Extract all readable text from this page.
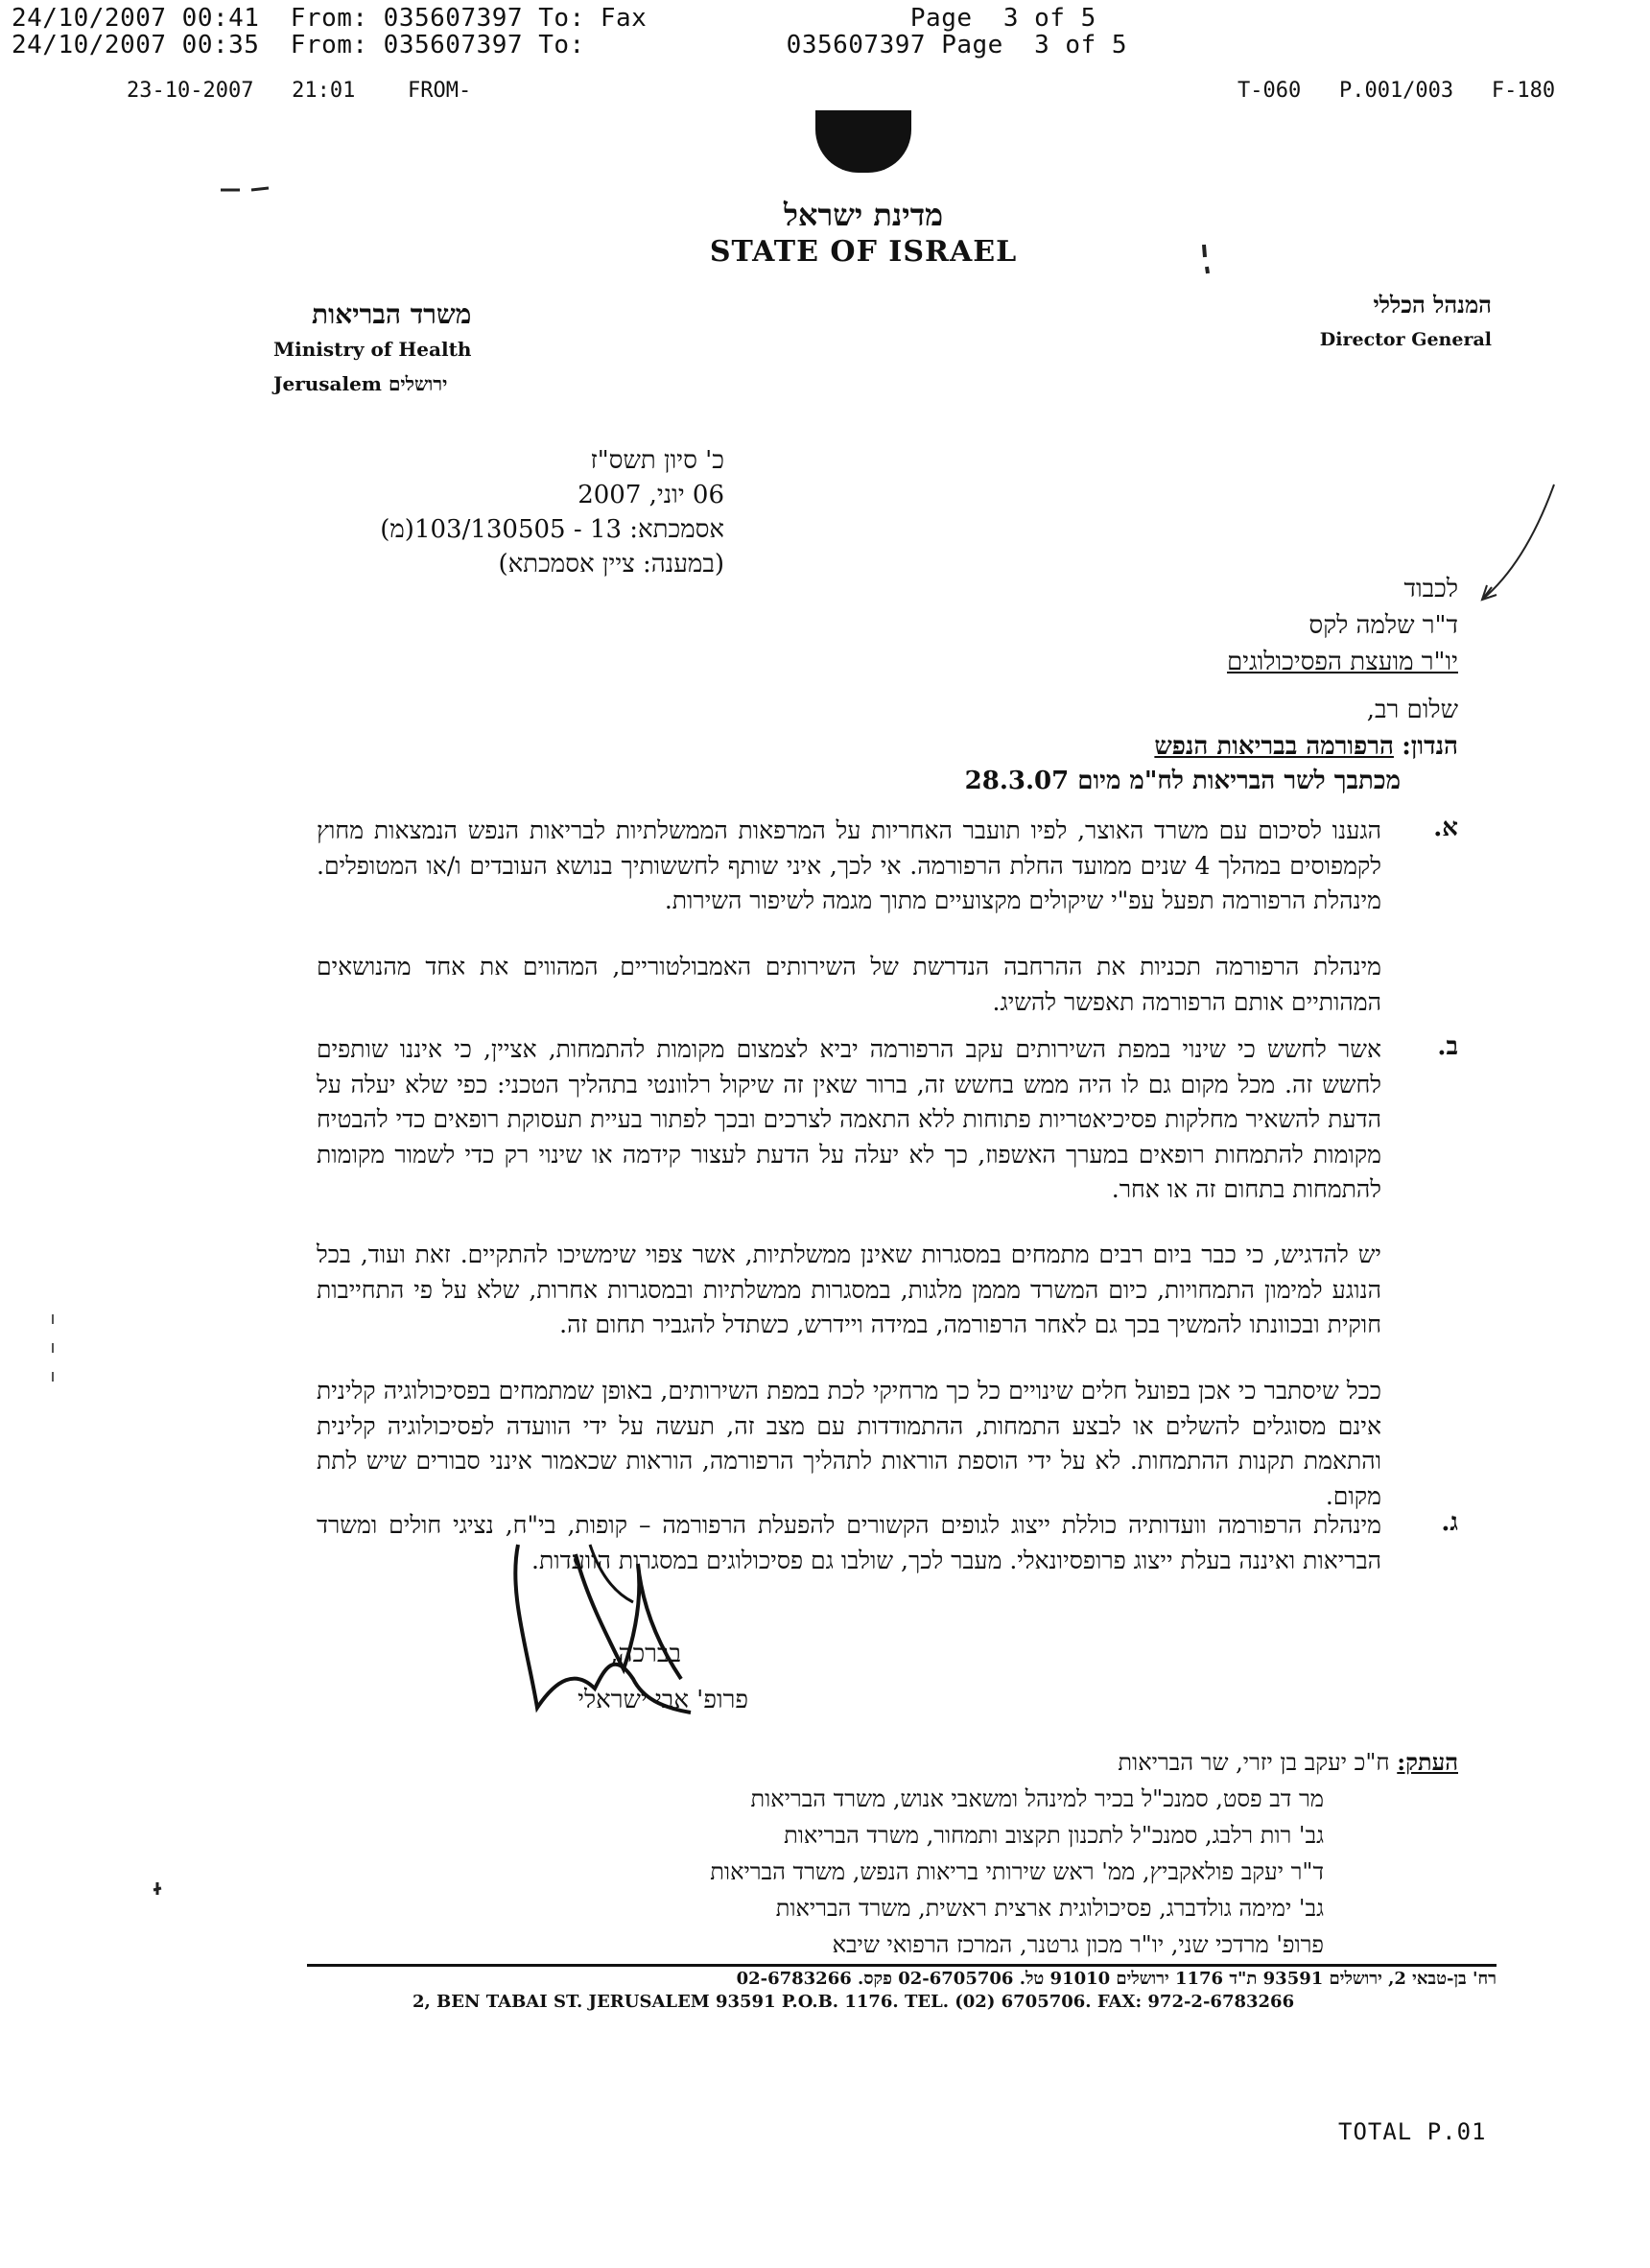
24/10/2007 00:41  From: 035607397 To: Fax                 Page  3 of 5
24/10/2007 00:35  From: 035607397 To:             035607397 Page  3 of 5
23-10-2007   21:01 FROM-	T-060   P.001/003   F-180
מדינת ישראל
STATE OF ISRAEL
משרד הבריאות
Ministry of Health
Jerusalem ירושלים
המנהל הכללי
Director General
כ' סיון תשס"ז
06 יוני, 2007
אסמכתא: 13 - 103/130505(מ)
(במענה: ציין אסמכתא)
לכבוד
ד"ר שלמה לקס
יו"ר מועצת הפסיכולוגים
שלום רב,
הנדון: הרפורמה בבריאות הנפש
מכתבך לשר הבריאות לח"מ מיום 28.3.07
א.
ב.
ג.
הגענו לסיכום עם משרד האוצר, לפיו תועבר האחריות על המרפאות הממשלתיות לבריאות הנפש הנמצאות מחוץ לקמפוסים במהלך 4 שנים ממועד החלת הרפורמה. אי לכך, איני שותף לחששותיך בנושא העובדים ו/או המטופלים. מינהלת הרפורמה תפעל עפ"י שיקולים מקצועיים מתוך מגמה לשיפור השירות.
מינהלת הרפורמה תכניות את ההרחבה הנדרשת של השירותים האמבולטוריים, המהווים את אחד מהנושאים המהותיים אותם הרפורמה תאפשר להשיג.
אשר לחשש כי שינוי במפת השירותים עקב הרפורמה יביא לצמצום מקומות להתמחות, אציין, כי איננו שותפים לחשש זה. מכל מקום גם לו היה ממש בחשש זה, ברור שאין זה שיקול רלוונטי בתהליך הטכני: כפי שלא יעלה על הדעת להשאיר מחלקות פסיכיאטריות פתוחות ללא התאמה לצרכים ובכך לפתור בעיית תעסוקת רופאים כדי להבטיח מקומות להתמחות רופאים במערך האשפוז, כך לא יעלה על הדעת לעצור קידמה או שינוי רק כדי לשמור מקומות להתמחות בתחום זה או אחר.
יש להדגיש, כי כבר ביום רבים מתמחים במסגרות שאינן ממשלתיות, אשר צפוי שימשיכו להתקיים. זאת ועוד, בכל הנוגע למימון התמחויות, כיום המשרד מממן מלגות, במסגרות ממשלתיות ובמסגרות אחרות, שלא על פי התחייבות חוקית ובכוונתו להמשיך בכך גם לאחר הרפורמה, במידה ויידרש, כשתדל להגביר תחום זה.
ככל שיסתבר כי אכן בפועל חלים שינויים כל כך מרחיקי לכת במפת השירותים, באופן שמתמחים בפסיכולוגיה קלינית אינם מסוגלים להשלים או לבצע התמחות, ההתמודדות עם מצב זה, תעשה על ידי הוועדה לפסיכולוגיה קלינית והתאמת תקנות ההתמחות. לא על ידי הוספת הוראות לתהליך הרפורמה, הוראות שכאמור אינני סבורים שיש לתת מקום.
מינהלת הרפורמה וועדותיה כוללת ייצוג לגופים הקשורים להפעלת הרפורמה – קופות, בי"ח, נציגי חולים ומשרד הבריאות ואיננה בעלת ייצוג פרופסיונאלי. מעבר לכך, שולבו גם פסיכולוגים במסגרות הוועדות.
בברכה,
פרופ' אבי ישראלי
העתק: ח"כ יעקב בן יזרי, שר הבריאות
מר דב פסט, סמנכ"ל בכיר למינהל ומשאבי אנוש, משרד הבריאות
גב' רות רלבג, סמנכ"ל לתכנון תקצוב ותמחור, משרד הבריאות
ד"ר יעקב פולאקביץ, ממ' ראש שירותי בריאות הנפש, משרד הבריאות
גב' ימימה גולדברג, פסיכולוגית ארצית ראשית, משרד הבריאות
פרופ' מרדכי שני, יו"ר מכון גרטנר, המרכז הרפואי שיבא
רח' בן-טבאי 2, ירושלים 93591 ת"ד 1176 ירושלים 91010 טל. 02-6705706 פקס. 02-6783266
2, BEN TABAI ST. JERUSALEM 93591 P.O.B. 1176. TEL. (02) 6705706. FAX: 972-2-6783266
TOTAL P.01
